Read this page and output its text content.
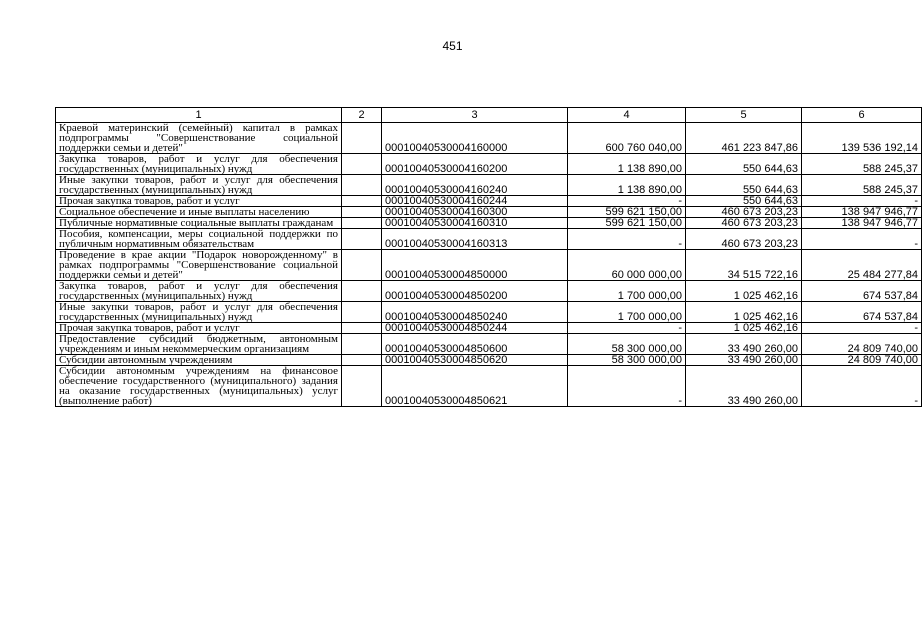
451
1	2	3	4	5	6
Краевой материнский (семейный) капитал в рамках подпрограммы "Совершенствование социальной поддержки семьи и детей"		00010040530004160000	600 760 040,00	461 223 847,86	139 536 192,14
Закупка товаров, работ и услуг для обеспечения государственных (муниципальных) нужд		00010040530004160200	1 138 890,00	550 644,63	588 245,37
Иные закупки товаров, работ и услуг для обеспечения государственных (муниципальных) нужд		00010040530004160240	1 138 890,00	550 644,63	588 245,37
Прочая закупка товаров, работ и услуг		00010040530004160244	-	550 644,63	-
Социальное обеспечение и иные выплаты населению		00010040530004160300	599 621 150,00	460 673 203,23	138 947 946,77
Публичные нормативные социальные выплаты гражданам		00010040530004160310	599 621 150,00	460 673 203,23	138 947 946,77
Пособия, компенсации, меры социальной поддержки по публичным нормативным обязательствам		00010040530004160313	-	460 673 203,23	-
Проведение в крае акции "Подарок новорожденному" в рамках подпрограммы "Совершенствование социальной поддержки семьи и детей"		00010040530004850000	60 000 000,00	34 515 722,16	25 484 277,84
Закупка товаров, работ и услуг для обеспечения государственных (муниципальных) нужд		00010040530004850200	1 700 000,00	1 025 462,16	674 537,84
Иные закупки товаров, работ и услуг для обеспечения государственных (муниципальных) нужд		00010040530004850240	1 700 000,00	1 025 462,16	674 537,84
Прочая закупка товаров, работ и услуг		00010040530004850244	-	1 025 462,16	-
Предоставление субсидий бюджетным, автономным учреждениям и иным некоммерческим организациям		00010040530004850600	58 300 000,00	33 490 260,00	24 809 740,00
Субсидии автономным учреждениям		00010040530004850620	58 300 000,00	33 490 260,00	24 809 740,00
Субсидии автономным учреждениям на финансовое обеспечение государственного (муниципального) задания на оказание государственных (муниципальных) услуг (выполнение работ)		00010040530004850621	-	33 490 260,00	-
